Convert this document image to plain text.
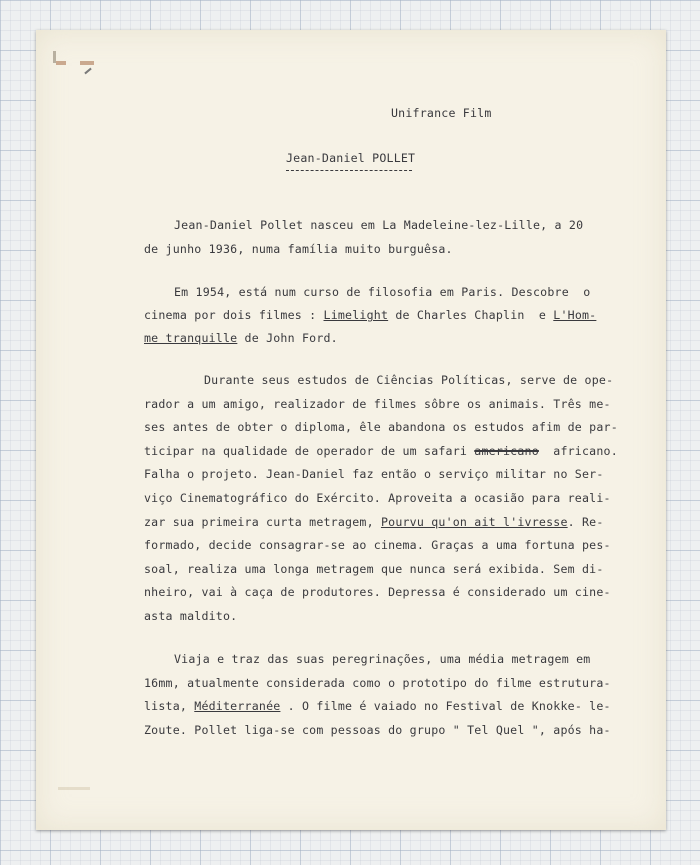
Unifrance Film
Jean-Daniel POLLET
Jean-Daniel Pollet nasceu em La Madeleine-lez-Lille, a 20
de junho 1936, numa família muito burguêsa.
Em 1954, está num curso de filosofia em Paris. Descobre  o
cinema por dois filmes : Limelight de Charles Chaplin  e L'Hom-
me tranquille de John Ford.
Durante seus estudos de Ciências Políticas, serve de ope-
rador a um amigo, realizador de filmes sôbre os animais. Três me-
ses antes de obter o diploma, êle abandona os estudos afim de par-
ticipar na qualidade de operador de um safari americano  africano.
Falha o projeto. Jean-Daniel faz então o serviço militar no Ser-
viço Cinematográfico do Exército. Aproveita a ocasião para reali-
zar sua primeira curta metragem, Pourvu qu'on ait l'ivresse. Re-
formado, decide consagrar-se ao cinema. Graças a uma fortuna pes-
soal, realiza uma longa metragem que nunca será exibida. Sem di-
nheiro, vai à caça de produtores. Depressa é considerado um cine-
asta maldito.
Viaja e traz das suas peregrinações, uma média metragem em
16mm, atualmente considerada como o prototipo do filme estrutura-
lista, Méditerranée . O filme é vaiado no Festival de Knokke- le-
Zoute. Pollet liga-se com pessoas do grupo " Tel Quel ", após ha-
